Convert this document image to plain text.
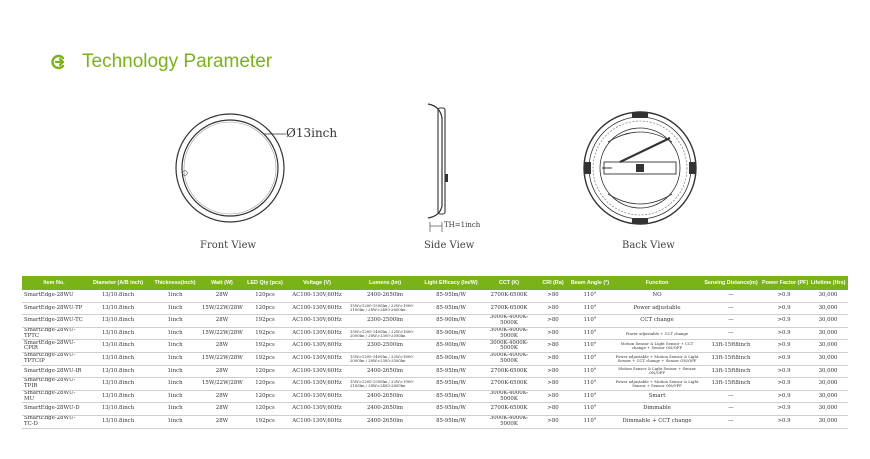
Technology Parameter
Ø13inch
Front View
TH=1inch
Side View	Back View
Item No.	Diameter (A/B inch)	Thickness(inch)	Watt (W)	LED Qty (pcs)	Voltage (V)	Lumens (lm)	Light Efficacy (lm/W)	CCT (K)	CRI (Ra)	Beam Angle (°)	Function	Sensing Distance(m)	Power Factor (PF)	Lifetime (Hrs)
SmartEdge-28WU	13/10.8inch	1inch	28W	120pcs	AC100-130V,60Hz	2400-2650lm	85-95lm/W	2700K-6500K	>80	110°	NO	—	>0.9	30,000
SmartEdge-28WU-TP	13/10.8inch	1inch	15W/22W/28W	120pcs	AC100-130V,60Hz	15W>1200-1500lm / 22W>1900-2100lm / 28W>2400-2600lm	85-95lm/W	2700K-6500K	>80	110°	Power adjustable	—	>0.9	30,000
SmartEdge-28WU-TC	13/10.8inch	1inch	28W	192pcs	AC100-130V,60Hz	2300-2500lm	85-90lm/W	3000K-4000K-5000K	>80	110°	CCT change	—	>0.9	30,000
SmartEdge-28WU-TPTC	13/10.8inch	1inch	15W/22W/28W	192pcs	AC100-130V,60Hz	15W>1200-1400lm / 22W>1800-2000lm / 28W>2300-2500lm	85-90lm/W	3000K-4000K-5000K	>80	110°	Power adjustable + CCT change	—	>0.9	30,000
SmartEdge-28WU-CPIR	13/10.8inch	1inch	28W	192pcs	AC100-130V,60Hz	2300-2500lm	85-90lm/W	3000K-4000K-5000K	>80	110°	Motion Sensor & Light Sensor + CCT change + Sensor ON/OFF	13ft-15ft8inch	>0.9	30,000
SmartEdge-28WU-TPTCIP	13/10.8inch	1inch	15W/22W/28W	192pcs	AC100-130V,60Hz	15W>1200-1400lm / 22W>1800-2000lm / 28W>2300-2500lm	85-90lm/W	3000K-4000K-5000K	>80	110°	Power adjustable + Motion Sensor & Light Sensor + CCT change + Sensor ON/OFF	13ft-15ft8inch	>0.9	30,000
SmartEdge-28WU-IR	13/10.8inch	1inch	28W	120pcs	AC100-130V,60Hz	2400-2650lm	85-95lm/W	2700K-6500K	>80	110°	Motion Sensor & Light Sensor + Sensor ON/OFF	13ft-15ft8inch	>0.9	30,000
SmartEdge-28WU-TPIR	13/10.8inch	1inch	15W/22W/28W	120pcs	AC100-130V,60Hz	15W>1200-1500lm / 22W>1900-2100lm / 28W>2400-2600lm	85-95lm/W	2700K-6500K	>80	110°	Power adjustable + Motion Sensor & Light Sensor + Sensor ON/OFF	13ft-15ft8inch	>0.9	30,000
SmartEdge-28WU-MU	13/10.8inch	1inch	28W	120pcs	AC100-130V,60Hz	2400-2650lm	85-95lm/W	3000K-4000K-5000K	>80	110°	Smart	—	>0.9	30,000
SmartEdge-28WU-D	13/10.8inch	1inch	28W	120pcs	AC100-130V,60Hz	2400-2650lm	85-95lm/W	2700K-6500K	>80	110°	Dimmable	—	>0.9	30,000
SmartEdge-28WU-TC-D	13/10.8inch	1inch	28W	192pcs	AC100-130V,60Hz	2400-2650lm	85-95lm/W	3000K-4000K-5000K	>80	110°	Dimmable + CCT change	—	>0.9	30,000
